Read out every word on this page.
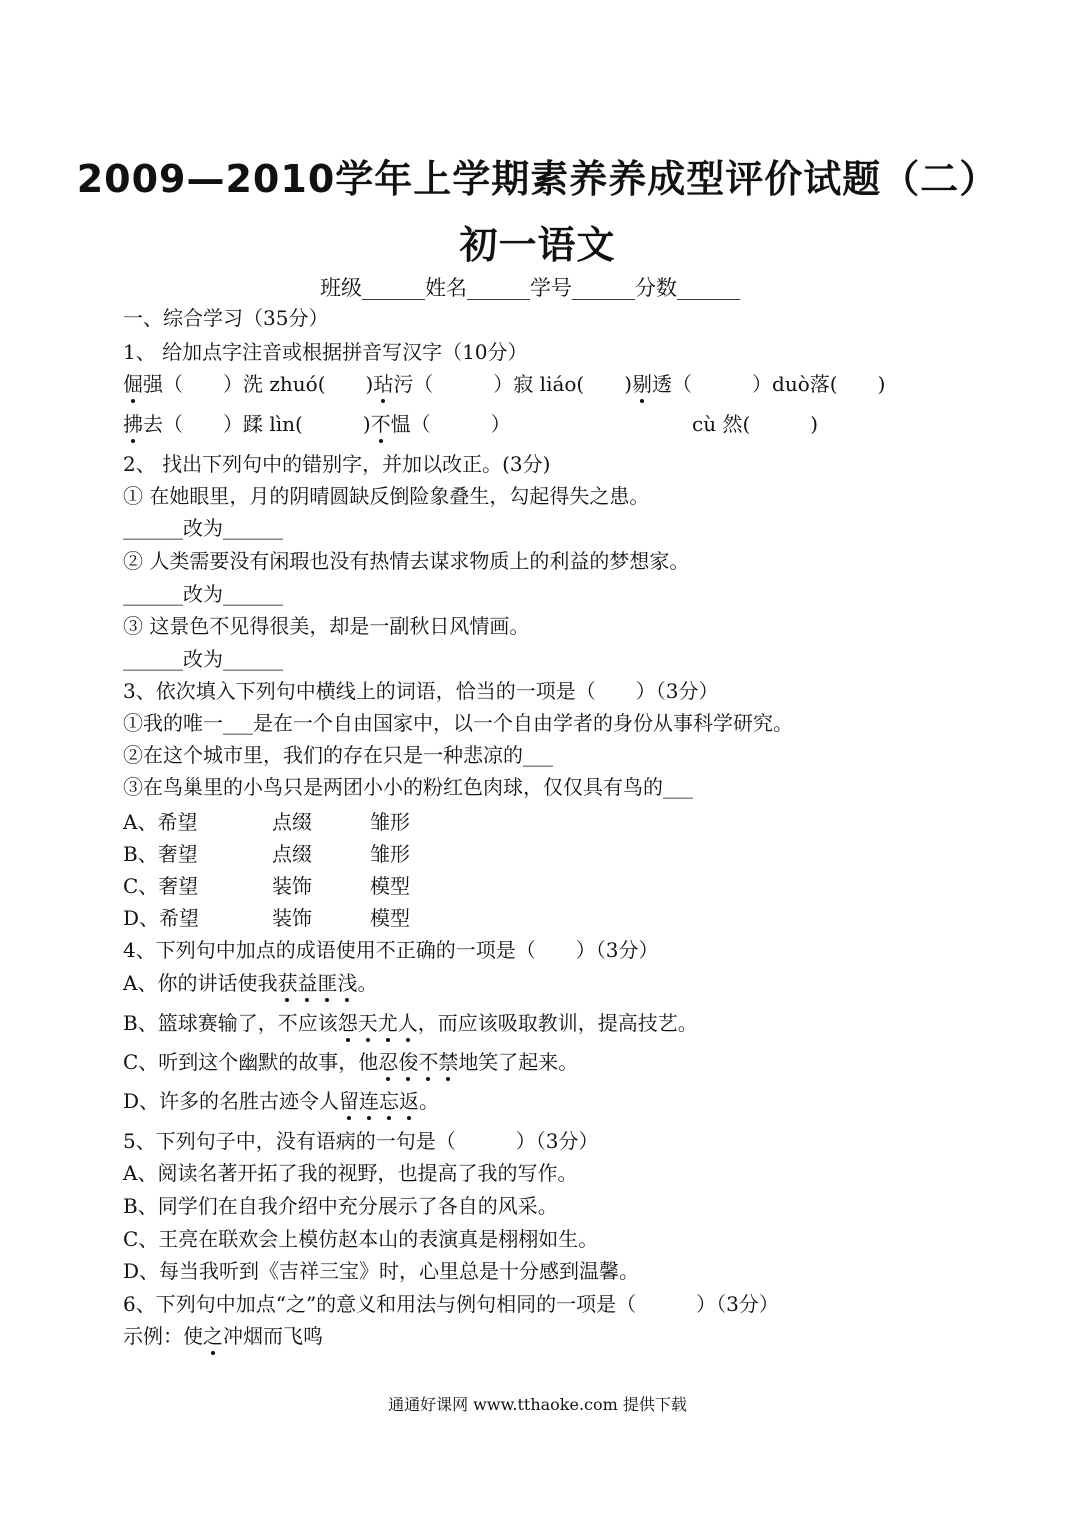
2009—2010学年上学期素养养成型评价试题（二）
初一语文
班级______姓名______学号______分数______
一、综合学习（35分）
1、 给加点字注音或根据拼音写汉字（10分）
倔强（　　）洗 zhuó(　　)玷污（　　　）寂 liáo(　　)剔透（　　　）duò落(　　)
拂去（　　）蹂 lìn(　　　)不愠（　　　）	cù 然(　　　)
2、 找出下列句中的错别字，并加以改正。(3分)
① 在她眼里，月的阴晴圆缺反倒险象叠生，勾起得失之患。
______改为______
② 人类需要没有闲瑕也没有热情去谋求物质上的利益的梦想家。
______改为______
③ 这景色不见得很美，却是一副秋日风情画。
______改为______
3、依次填入下列句中横线上的词语，恰当的一项是（　　）（3分）
①我的唯一___是在一个自由国家中，以一个自由学者的身份从事科学研究。
②在这个城市里，我们的存在只是一种悲凉的___
③在鸟巢里的小鸟只是两团小小的粉红色肉球，仅仅具有鸟的___
A、希望	点缀	雏形
B、奢望	点缀	雏形
C、奢望	装饰	模型
D、希望	装饰	模型
4、下列句中加点的成语使用不正确的一项是（　　）（3分）
A、你的讲话使我获益匪浅。
B、篮球赛输了，不应该怨天尤人，而应该吸取教训，提高技艺。
C、听到这个幽默的故事，他忍俊不禁地笑了起来。
D、许多的名胜古迹令人留连忘返。
5、下列句子中，没有语病的一句是（　　　）（3分）
A、阅读名著开拓了我的视野，也提高了我的写作。
B、同学们在自我介绍中充分展示了各自的风采。
C、王亮在联欢会上模仿赵本山的表演真是栩栩如生。
D、每当我听到《吉祥三宝》时，心里总是十分感到温馨。
6、下列句中加点“之”的意义和用法与例句相同的一项是（　　　）（3分）
示例：使之冲烟而飞鸣
通通好课网 www.tthaoke.com 提供下载
